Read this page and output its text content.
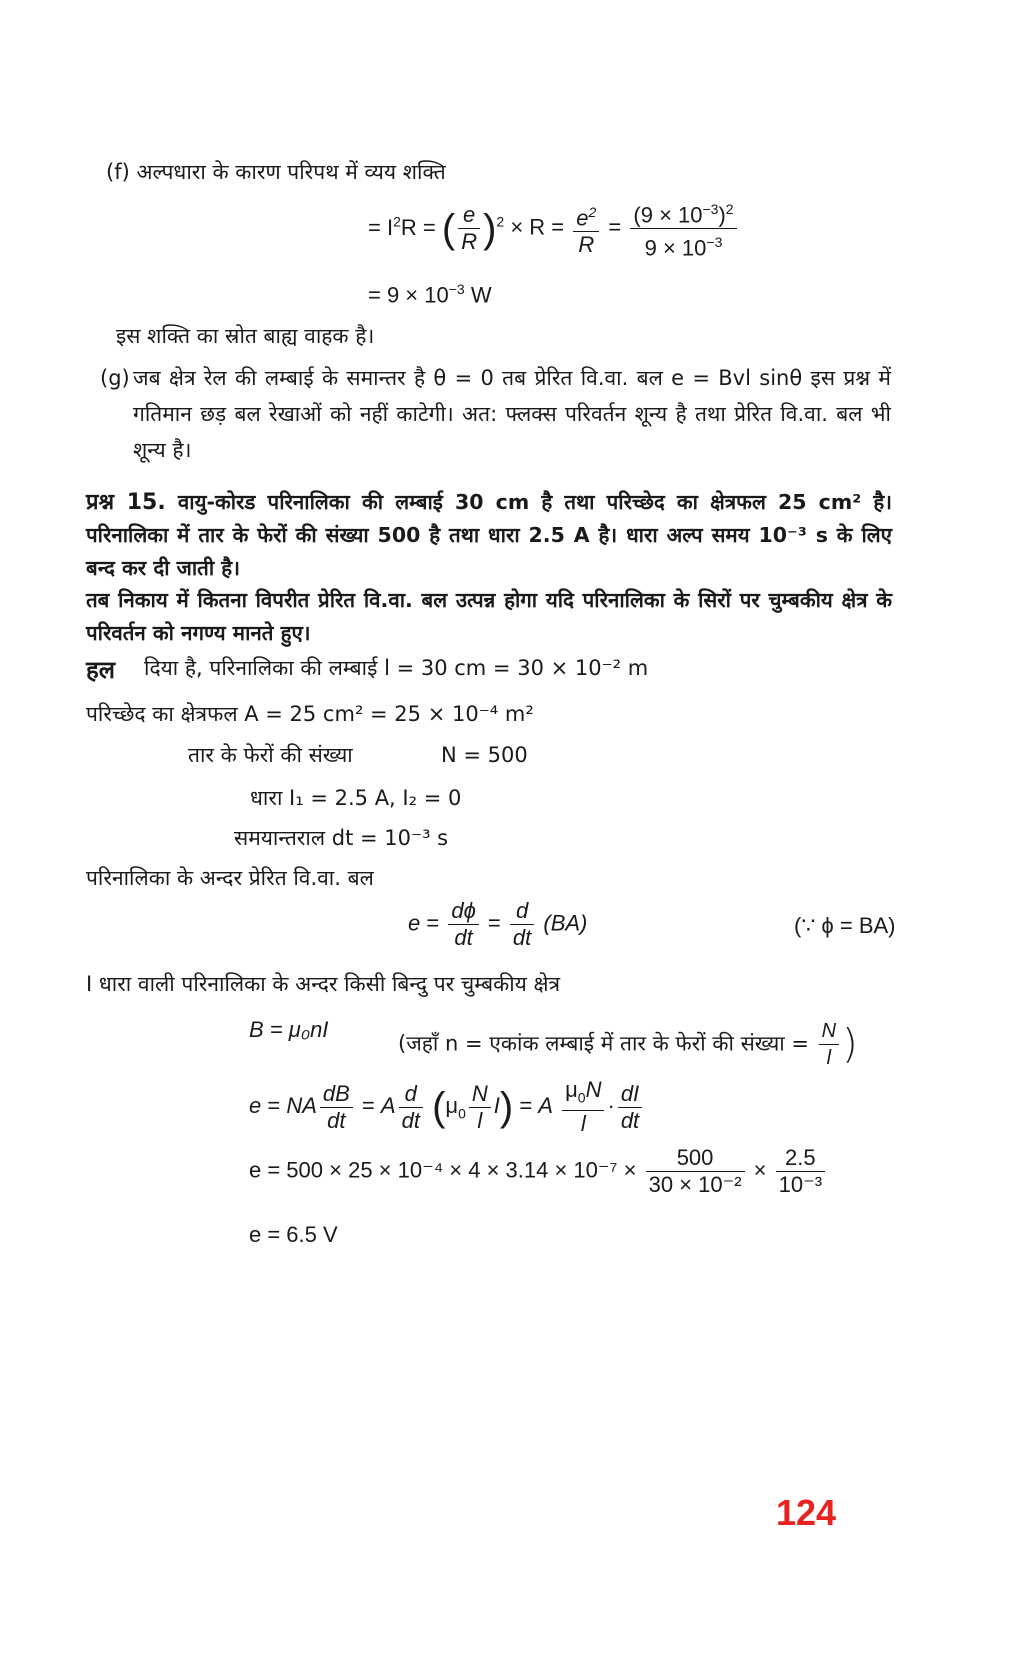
(f) अल्पधारा के कारण परिपथ में व्यय शक्ति
= $I^2R$ = ( $\frac{e}{R} )^2 \times R = \frac{e^2}{R} = \frac{(9 \times 10^{-3})^2}{9 \times 10^{-3}}$
= $9 \times 10^{-3}$ W
इस शक्ति का स्रोत बाह्य वाहक है।
(g) जब क्षेत्र रेल की लम्बाई के समान्तर है θ = 0 तब प्रेरित वि.वा. बल e = Bvl sinθ इस प्रश्न में गतिमान छड़ बल रेखाओं को नहीं काटेगी। अत: फ्लक्स परिवर्तन शून्य है तथा प्रेरित वि.वा. बल भी शून्य है।
प्रश्न 15. वायु-कोरड परिनालिका की लम्बाई 30 cm है तथा परिच्छेद का क्षेत्रफल 25 cm² है। परिनालिका में तार के फेरों की संख्या 500 है तथा धारा 2.5 A है। धारा अल्प समय 10⁻³ s के लिए बन्द कर दी जाती है।
तब निकाय में कितना विपरीत प्रेरित वि.वा. बल उत्पन्न होगा यदि परिनालिका के सिरों पर चुम्बकीय क्षेत्र के परिवर्तन को नगण्य मानते हुए।
हल दिया है, परिनालिका की लम्बाई l = 30 cm = 30 × 10⁻² m
परिच्छेद का क्षेत्रफल A = 25 cm² = 25 × 10⁻⁴ m²
तार के फेरों की संख्या	N = 500
धारा I₁ = 2.5 A, I₂ = 0
समयान्तराल dt = 10⁻³ s
परिनालिका के अन्दर प्रेरित वि.वा. बल
$e = \frac{d\phi}{dt} = \frac{d}{dt} (BA)$	(∵ ϕ = BA)
I धारा वाली परिनालिका के अन्दर किसी बिन्दु पर चुम्बकीय क्षेत्र
B = μ₀nI
(जहाँ n = एकांक लम्बाई में तार के फेरों की संख्या = $\frac{N}{l}$ )
e = NA $\frac{dB}{dt} = A \frac{d}{dt} (\mu_0 \frac{N}{l} I) = A \frac{\mu_0N}{l} \cdot \frac{dI}{dt}$
$e = 500 \times 25 \times 10^{-4} \times 4 \times 3.14 \times 10^{-7} \times \frac{500}{\text{30 × 10⁻²}} \times \frac{2.5}{\text{10⁻³}}$
e = 6.5 V
124
